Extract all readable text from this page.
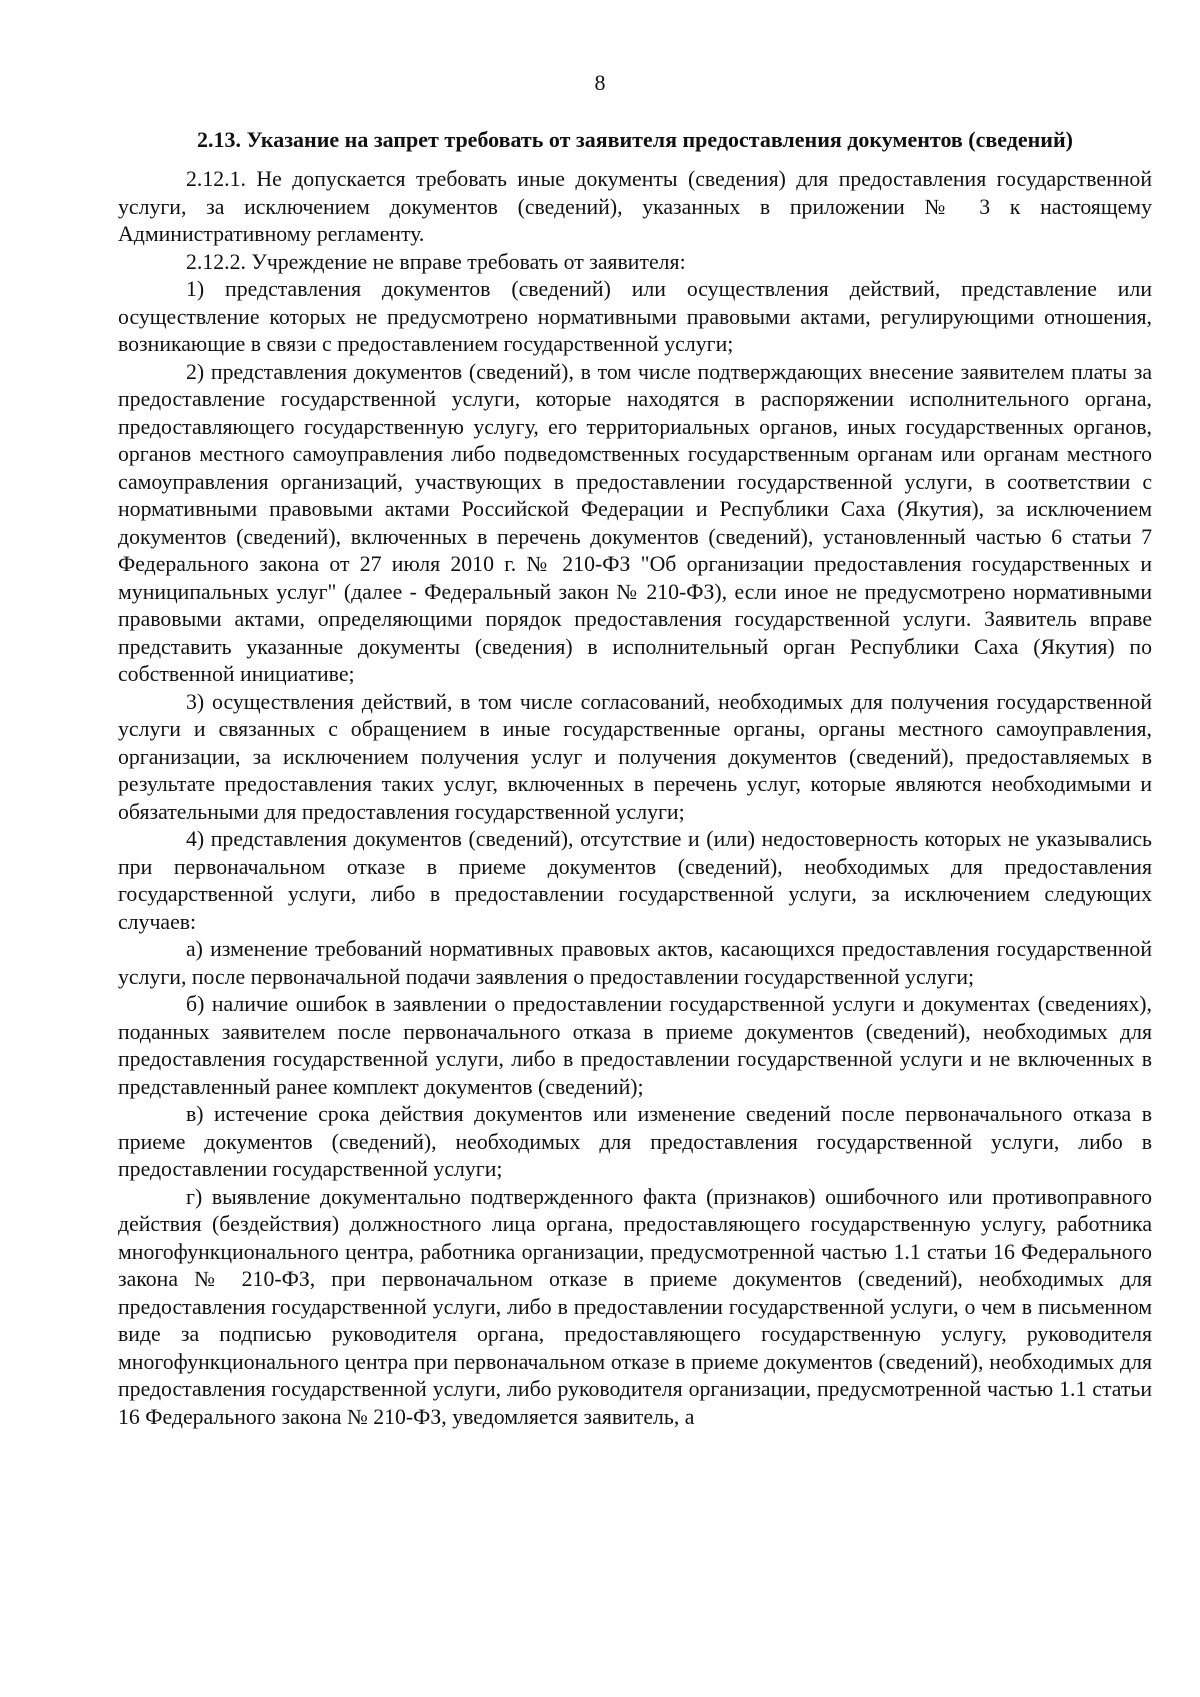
8
2.13. Указание на запрет требовать от заявителя предоставления документов (сведений)

2.12.1. Не допускается требовать иные документы (сведения) для предоставления государственной услуги, за исключением документов (сведений), указанных в приложении № 3 к настоящему Административному регламенту.

2.12.2. Учреждение не вправе требовать от заявителя:

1) представления документов (сведений) или осуществления действий, представление или осуществление которых не предусмотрено нормативными правовыми актами, регулирующими отношения, возникающие в связи с предоставлением государственной услуги;

2) представления документов (сведений), в том числе подтверждающих внесение заявителем платы за предоставление государственной услуги, которые находятся в распоряжении исполнительного органа, предоставляющего государственную услугу, его территориальных органов, иных государственных органов, органов местного самоуправления либо подведомственных государственным органам или органам местного самоуправления организаций, участвующих в предоставлении государственной услуги, в соответствии с нормативными правовыми актами Российской Федерации и Республики Саха (Якутия), за исключением документов (сведений), включенных в перечень документов (сведений), установленный частью 6 статьи 7 Федерального закона от 27 июля 2010 г. № 210-ФЗ "Об организации предоставления государственных и муниципальных услуг" (далее - Федеральный закон № 210-ФЗ), если иное не предусмотрено нормативными правовыми актами, определяющими порядок предоставления государственной услуги. Заявитель вправе представить указанные документы (сведения) в исполнительный орган Республики Саха (Якутия) по собственной инициативе;

3) осуществления действий, в том числе согласований, необходимых для получения государственной услуги и связанных с обращением в иные государственные органы, органы местного самоуправления, организации, за исключением получения услуг и получения документов (сведений), предоставляемых в результате предоставления таких услуг, включенных в перечень услуг, которые являются необходимыми и обязательными для предоставления государственной услуги;

4) представления документов (сведений), отсутствие и (или) недостоверность которых не указывались при первоначальном отказе в приеме документов (сведений), необходимых для предоставления государственной услуги, либо в предоставлении государственной услуги, за исключением следующих случаев:

а) изменение требований нормативных правовых актов, касающихся предоставления государственной услуги, после первоначальной подачи заявления о предоставлении государственной услуги;

б) наличие ошибок в заявлении о предоставлении государственной услуги и документах (сведениях), поданных заявителем после первоначального отказа в приеме документов (сведений), необходимых для предоставления государственной услуги, либо в предоставлении государственной услуги и не включенных в представленный ранее комплект документов (сведений);

в) истечение срока действия документов или изменение сведений после первоначального отказа в приеме документов (сведений), необходимых для предоставления государственной услуги, либо в предоставлении государственной услуги;

г) выявление документально подтвержденного факта (признаков) ошибочного или противоправного действия (бездействия) должностного лица органа, предоставляющего государственную услугу, работника многофункционального центра, работника организации, предусмотренной частью 1.1 статьи 16 Федерального закона № 210-ФЗ, при первоначальном отказе в приеме документов (сведений), необходимых для предоставления государственной услуги, либо в предоставлении государственной услуги, о чем в письменном виде за подписью руководителя органа, предоставляющего государственную услугу, руководителя многофункционального центра при первоначальном отказе в приеме документов (сведений), необходимых для предоставления государственной услуги, либо руководителя организации, предусмотренной частью 1.1 статьи 16 Федерального закона № 210-ФЗ, уведомляется заявитель, а
